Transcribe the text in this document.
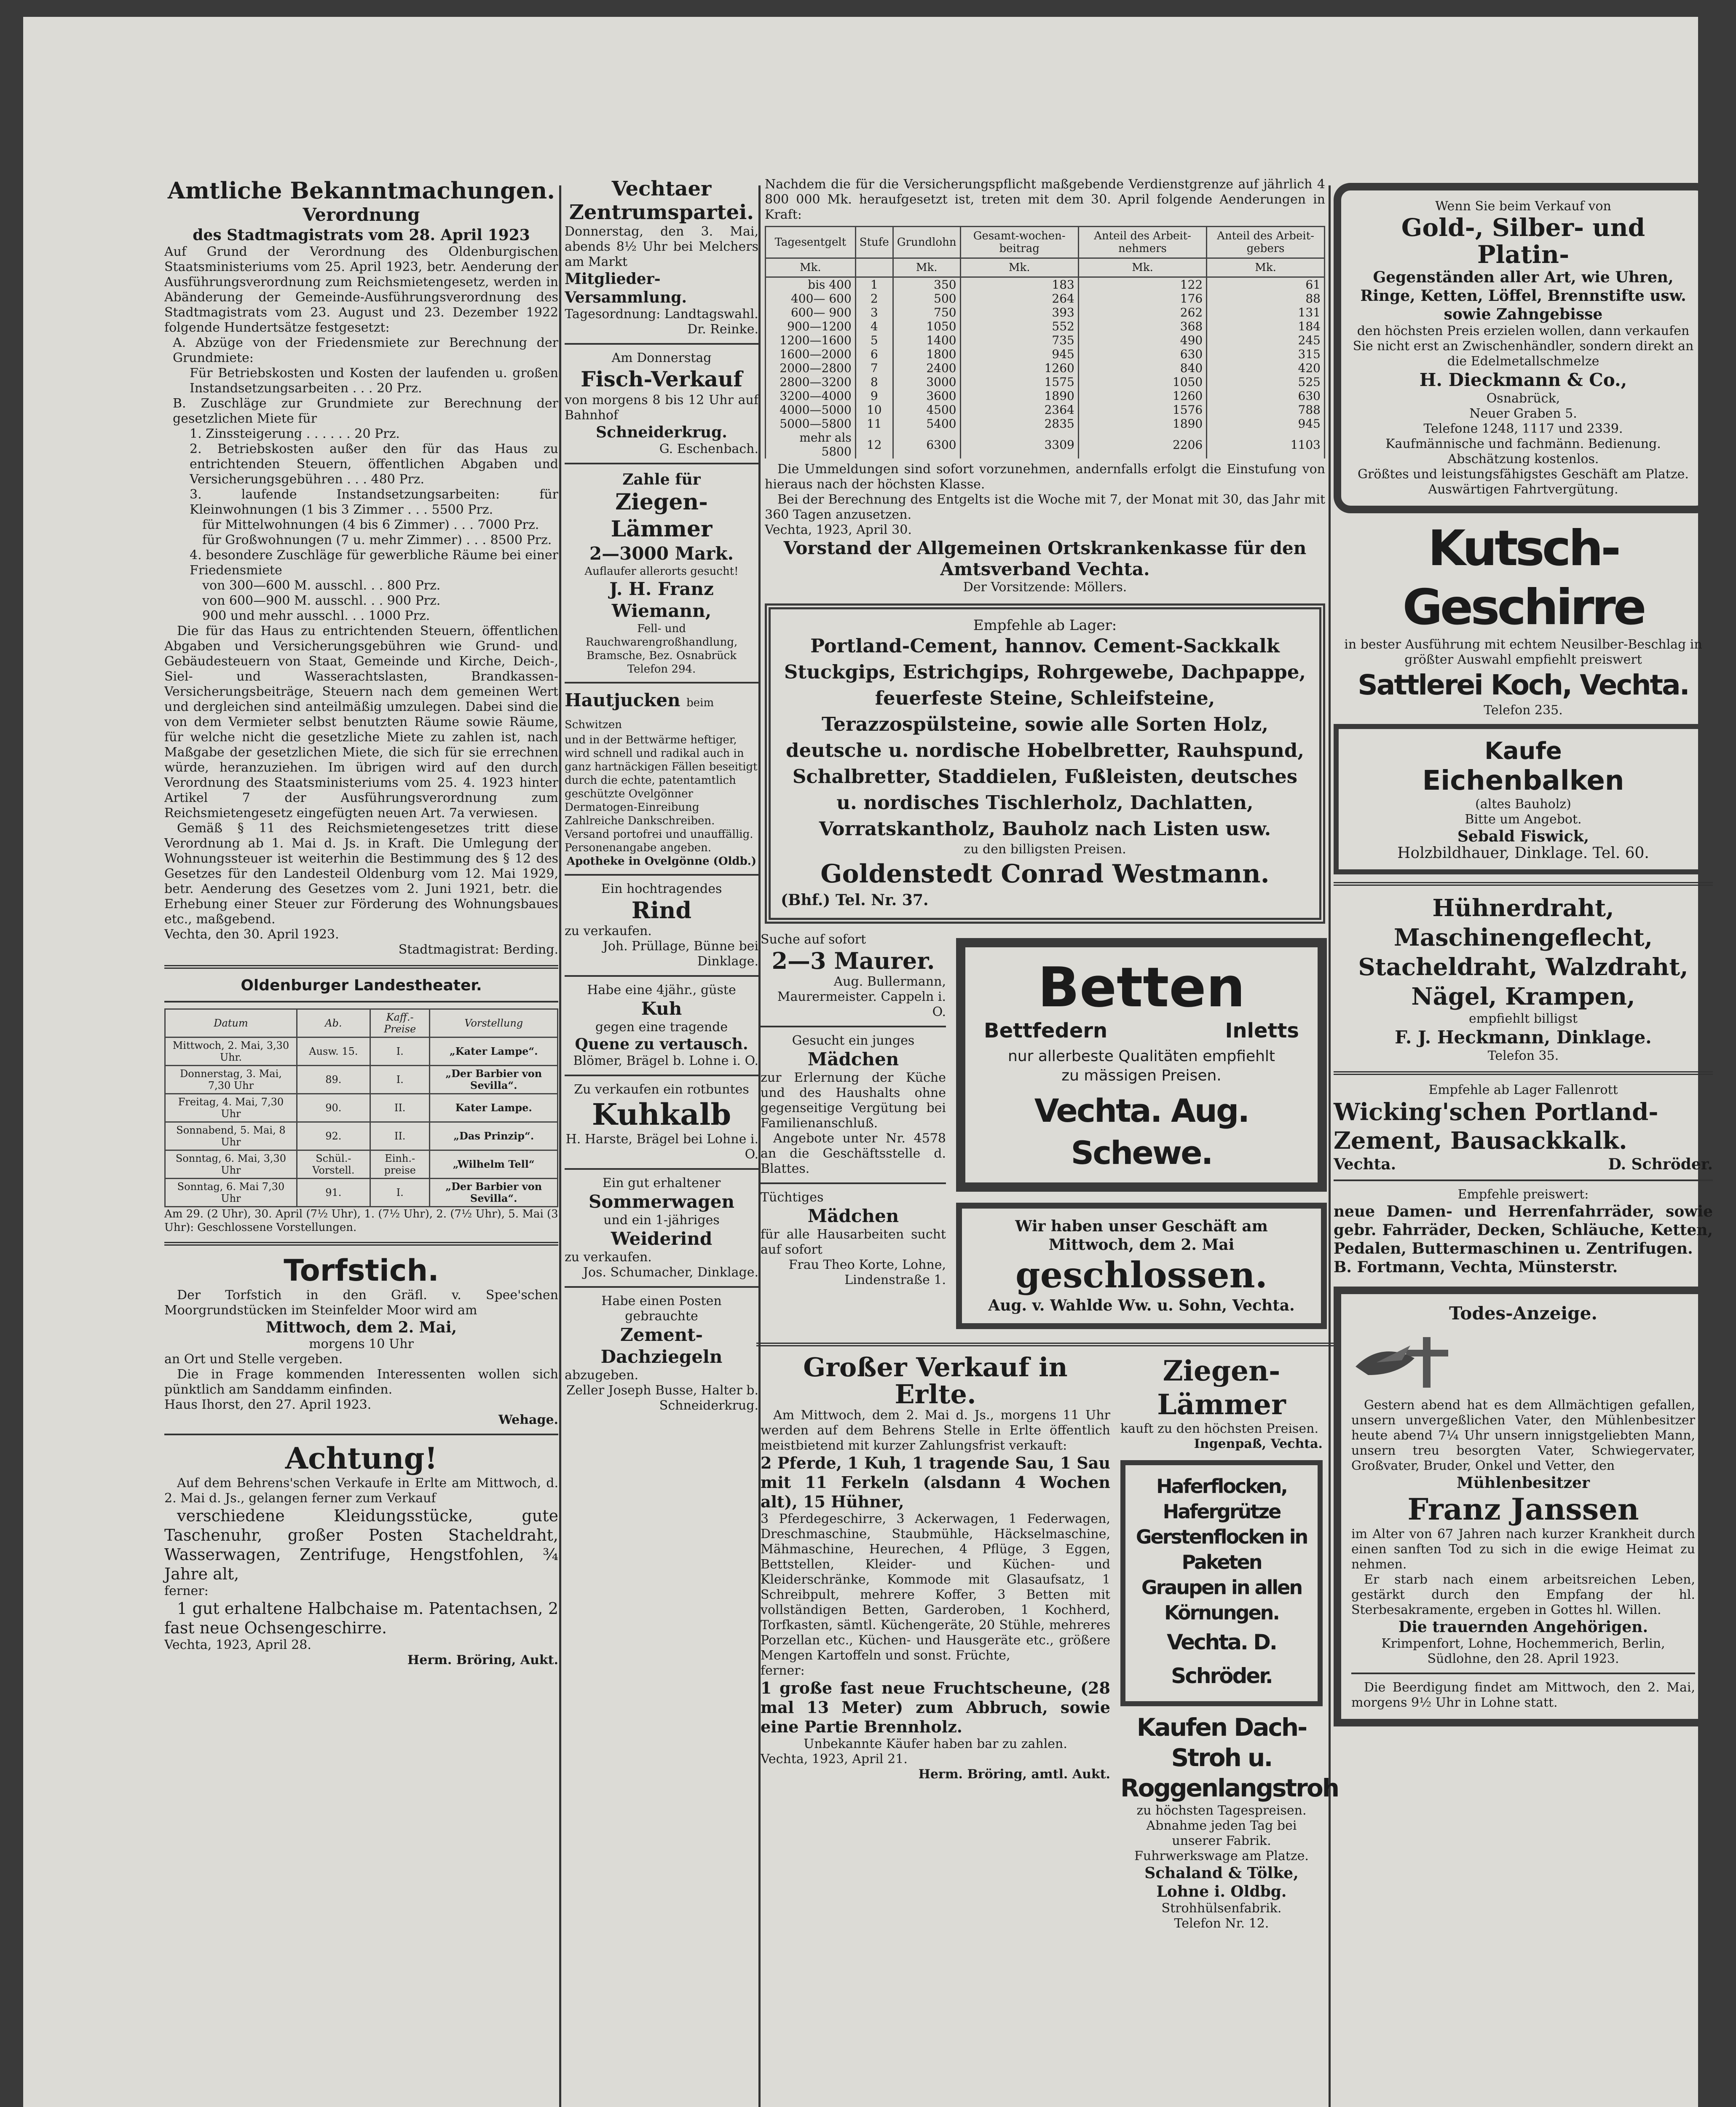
Amtliche Bekanntmachungen.

Verordnung

des Stadtmagistrats vom 28. April 1923

Auf Grund der Verordnung des Oldenburgischen Staatsministeriums vom 25. April 1923, betr. Aenderung der Ausführungsverordnung zum Reichsmietengesetz, werden in Abänderung der Gemeinde-Ausführungsverordnung des Stadtmagistrats vom 23. August und 23. Dezember 1922 folgende Hundertsätze festgesetzt:

A. Abzüge von der Friedensmiete zur Berechnung der Grundmiete:

Für Betriebskosten und Kosten der laufenden u. großen Instandsetzungsarbeiten . . . 20 Prz.

B. Zuschläge zur Grundmiete zur Berechnung der gesetzlichen Miete für

1. Zinssteigerung . . . . . . 20 Prz.

2. Betriebskosten außer den für das Haus zu entrichtenden Steuern, öffentlichen Abgaben und Versicherungsgebühren . . . 480 Prz.

3. laufende Instandsetzungsarbeiten: für Kleinwohnungen (1 bis 3 Zimmer . . . 5500 Prz.

für Mittelwohnungen (4 bis 6 Zimmer) . . . 7000 Prz.

für Großwohnungen (7 u. mehr Zimmer) . . . 8500 Prz.

4. besondere Zuschläge für gewerbliche Räume bei einer Friedensmiete

von 300—600 M. ausschl. . . 800 Prz.

von 600—900 M. ausschl. . . 900 Prz.

900 und mehr ausschl. . . 1000 Prz.

Die für das Haus zu entrichtenden Steuern, öffentlichen Abgaben und Versicherungsgebühren wie Grund- und Gebäudesteuern von Staat, Gemeinde und Kirche, Deich-, Siel- und Wasserachtslasten, Brandkassen-Versicherungsbeiträge, Steuern nach dem gemeinen Wert und dergleichen sind anteilmäßig umzulegen. Dabei sind die von dem Vermieter selbst benutzten Räume sowie Räume, für welche nicht die gesetzliche Miete zu zahlen ist, nach Maßgabe der gesetzlichen Miete, die sich für sie errechnen würde, heranzuziehen. Im übrigen wird auf den durch Verordnung des Staatsministeriums vom 25. 4. 1923 hinter Artikel 7 der Ausführungsverordnung zum Reichsmietengesetz eingefügten neuen Art. 7a verwiesen.

Gemäß § 11 des Reichsmietengesetzes tritt diese Verordnung ab 1. Mai d. Js. in Kraft. Die Umlegung der Wohnungssteuer ist weiterhin die Bestimmung des § 12 des Gesetzes für den Landesteil Oldenburg vom 12. Mai 1929, betr. Aenderung des Gesetzes vom 2. Juni 1921, betr. die Erhebung einer Steuer zur Förderung des Wohnungsbaues etc., maßgebend.

Vechta, den 30. April 1923.

Stadtmagistrat: Berding.

Oldenburger Landestheater.

Datum	Ab.	Kaff.-Preise	Vorstellung
Mittwoch, 2. Mai, 3,30 Uhr.	Ausw. 15.	I.	„Kater Lampe“.
Donnerstag, 3. Mai, 7,30 Uhr	89.	I.	„Der Barbier von Sevilla“.
Freitag, 4. Mai, 7,30 Uhr	90.	II.	Kater Lampe.
Sonnabend, 5. Mai, 8 Uhr	92.	II.	„Das Prinzip“.
Sonntag, 6. Mai, 3,30 Uhr	Schül.-Vorstell.	Einh.-preise	„Wilhelm Tell“
Sonntag, 6. Mai 7,30 Uhr	91.	I.	„Der Barbier von Sevilla“.

Am 29. (2 Uhr), 30. April (7½ Uhr), 1. (7½ Uhr), 2. (7½ Uhr), 5. Mai (3 Uhr): Geschlossene Vorstellungen.

Torfstich.

Der Torfstich in den Gräfl. v. Spee'schen Moorgrundstücken im Steinfelder Moor wird am

Mittwoch, dem 2. Mai,

morgens 10 Uhr

an Ort und Stelle vergeben.

Die in Frage kommenden Interessenten wollen sich pünktlich am Sanddamm einfinden.

Haus Ihorst, den 27. April 1923.

Wehage.

Achtung!

Auf dem Behrens'schen Verkaufe in Erlte am Mittwoch, d. 2. Mai d. Js., gelangen ferner zum Verkauf

verschiedene Kleidungsstücke, gute Taschenuhr, großer Posten Stacheldraht, Wasserwagen, Zentrifuge, Hengstfohlen, ¾ Jahre alt,

ferner:

1 gut erhaltene Halbchaise m. Patentachsen, 2 fast neue Ochsengeschirre.

Vechta, 1923, April 28.

Herm. Bröring, Aukt.

Vechtaer Zentrumspartei.

Donnerstag, den 3. Mai, abends 8½ Uhr bei Melchers am Markt

Mitglieder-Versammlung.

Tagesordnung: Landtagswahl.

Dr. Reinke.

Am Donnerstag

Fisch-Verkauf

von morgens 8 bis 12 Uhr auf Bahnhof

Schneiderkrug.

G. Eschenbach.

Zahle für

Ziegen-Lämmer

2—3000 Mark.

Auflaufer allerorts gesucht!

J. H. Franz Wiemann,

Fell- und Rauchwarengroßhandlung,

Bramsche, Bez. Osnabrück

Telefon 294.

Hautjucken beim Schwitzen

und in der Bettwärme heftiger, wird schnell und radikal auch in ganz hartnäckigen Fällen beseitigt durch die echte, patentamtlich geschützte Ovelgönner Dermatogen-Einreibung Zahlreiche Dankschreiben. Versand portofrei und unauffällig. Personenangabe angeben.

Apotheke in Ovelgönne (Oldb.)

Ein hochtragendes

Rind

zu verkaufen.

Joh. Prüllage, Bünne bei Dinklage.

Habe eine 4jähr., güste

Kuh

gegen eine tragende

Quene zu vertausch.

Blömer, Brägel b. Lohne i. O.

Zu verkaufen ein rotbuntes

Kuhkalb

H. Harste, Brägel bei Lohne i. O.

Ein gut erhaltener

Sommerwagen

und ein 1-jähriges

Weiderind

zu verkaufen.

Jos. Schumacher, Dinklage.

Habe einen Posten gebrauchte

Zement-Dachziegeln

abzugeben.

Zeller Joseph Busse, Halter b. Schneiderkrug.

Nachdem die für die Versicherungspflicht maßgebende Verdienstgrenze auf jährlich 4 800 000 Mk. heraufgesetzt ist, treten mit dem 30. April folgende Aenderungen in Kraft:

Tagesentgelt	Stufe	Grundlohn	Gesamt-wochen-beitrag	Anteil des Arbeit-nehmers	Anteil des Arbeit-gebers
Mk.		Mk.	Mk.	Mk.	Mk.
bis 400	1	350	183	122	61
400— 600	2	500	264	176	88
600— 900	3	750	393	262	131
900—1200	4	1050	552	368	184
1200—1600	5	1400	735	490	245
1600—2000	6	1800	945	630	315
2000—2800	7	2400	1260	840	420
2800—3200	8	3000	1575	1050	525
3200—4000	9	3600	1890	1260	630
4000—5000	10	4500	2364	1576	788
5000—5800	11	5400	2835	1890	945
mehr als 5800	12	6300	3309	2206	1103

Die Ummeldungen sind sofort vorzunehmen, andernfalls erfolgt die Einstufung von hieraus nach der höchsten Klasse.

Bei der Berechnung des Entgelts ist die Woche mit 7, der Monat mit 30, das Jahr mit 360 Tagen anzusetzen.

Vechta, 1923, April 30.

Vorstand der Allgemeinen Ortskrankenkasse für den Amtsverband Vechta.

Der Vorsitzende: Möllers.

Empfehle ab Lager:

Portland-Cement, hannov. Cement-Sackkalk Stuckgips, Estrichgips, Rohrgewebe, Dachpappe, feuerfeste Steine, Schleifsteine, Terazzospülsteine, sowie alle Sorten Holz, deutsche u. nordische Hobelbretter, Rauhspund, Schalbretter, Staddielen, Fußleisten, deutsches u. nordisches Tischlerholz, Dachlatten, Vorratskantholz, Bauholz nach Listen usw.

zu den billigsten Preisen.

Goldenstedt Conrad Westmann.

(Bhf.) Tel. Nr. 37.

Suche auf sofort

2—3 Maurer.

Aug. Bullermann, Maurermeister. Cappeln i. O.

Gesucht ein junges

Mädchen

zur Erlernung der Küche und des Haushalts ohne gegenseitige Vergütung bei Familienanschluß.

Angebote unter Nr. 4578 an die Geschäftsstelle d. Blattes.

Tüchtiges

Mädchen

für alle Hausarbeiten sucht auf sofort

Frau Theo Korte, Lohne, Lindenstraße 1.

Betten

Bettfedern	Inletts

nur allerbeste Qualitäten empfiehlt zu mässigen Preisen.

Vechta. Aug. Schewe.

Wir haben unser Geschäft am Mittwoch, dem 2. Mai

geschlossen.

Aug. v. Wahlde Ww. u. Sohn, Vechta.

Großer Verkauf in Erlte.

Am Mittwoch, dem 2. Mai d. Js., morgens 11 Uhr werden auf dem Behrens Stelle in Erlte öffentlich meistbietend mit kurzer Zahlungsfrist verkauft:

2 Pferde, 1 Kuh, 1 tragende Sau, 1 Sau mit 11 Ferkeln (alsdann 4 Wochen alt), 15 Hühner,

3 Pferdegeschirre, 3 Ackerwagen, 1 Federwagen, Dreschmaschine, Staubmühle, Häckselmaschine, Mähmaschine, Heurechen, 4 Pflüge, 3 Eggen, Bettstellen, Kleider- und Küchen- und Kleiderschränke, Kommode mit Glasaufsatz, 1 Schreibpult, mehrere Koffer, 3 Betten mit vollständigen Betten, Garderoben, 1 Kochherd, Torfkasten, sämtl. Küchengeräte, 20 Stühle, mehreres Porzellan etc., Küchen- und Hausgeräte etc., größere Mengen Kartoffeln und sonst. Früchte,

ferner:

1 große fast neue Fruchtscheune, (28 mal 13 Meter) zum Abbruch, sowie eine Partie Brennholz.

Unbekannte Käufer haben bar zu zahlen.

Vechta, 1923, April 21.

Herm. Bröring, amtl. Aukt.

Ziegen-Lämmer

kauft zu den höchsten Preisen.

Ingenpaß, Vechta.

Haferflocken, Hafergrütze

Gerstenflocken in Paketen

Graupen in allen Körnungen.

Vechta. D. Schröder.

Kaufen Dach-Stroh u. Roggenlangstroh

zu höchsten Tagespreisen. Abnahme jeden Tag bei unserer Fabrik. Fuhrwerkswage am Platze.

Schaland & Tölke, Lohne i. Oldbg.

Strohhülsenfabrik.

Telefon Nr. 12.

Wenn Sie beim Verkauf von

Gold-, Silber- und Platin-

Gegenständen aller Art, wie Uhren, Ringe, Ketten, Löffel, Brennstifte usw. sowie Zahngebisse

den höchsten Preis erzielen wollen, dann verkaufen Sie nicht erst an Zwischenhändler, sondern direkt an die Edelmetallschmelze

H. Dieckmann & Co.,

Osnabrück,

Neuer Graben 5.

Telefone 1248, 1117 und 2339.

Kaufmännische und fachmänn. Bedienung. Abschätzung kostenlos.

Größtes und leistungsfähigstes Geschäft am Platze.

Auswärtigen Fahrtvergütung.

Kutsch-Geschirre

in bester Ausführung mit echtem Neusilber-Beschlag in größter Auswahl empfiehlt preiswert

Sattlerei Koch, Vechta.

Telefon 235.

Kaufe

Eichenbalken

(altes Bauholz)

Bitte um Angebot.

Sebald Fiswick,

Holzbildhauer, Dinklage. Tel. 60.

Hühnerdraht, Maschinengeflecht, Stacheldraht, Walzdraht, Nägel, Krampen,

empfiehlt billigst

F. J. Heckmann, Dinklage.

Telefon 35.

Empfehle ab Lager Fallenrott

Wicking'schen Portland-Zement, Bausackkalk.

Vechta.	D. Schröder.

Empfehle preiswert:

neue Damen- und Herrenfahrräder, sowie gebr. Fahrräder, Decken, Schläuche, Ketten, Pedalen, Buttermaschinen u. Zentrifugen.

B. Fortmann, Vechta, Münsterstr.

Todes-Anzeige.

Gestern abend hat es dem Allmächtigen gefallen, unsern unvergeßlichen Vater, den Mühlenbesitzer heute abend 7¼ Uhr unsern innigstgeliebten Mann, unsern treu besorgten Vater, Schwiegervater, Großvater, Bruder, Onkel und Vetter, den

Mühlenbesitzer

Franz Janssen

im Alter von 67 Jahren nach kurzer Krankheit durch einen sanften Tod zu sich in die ewige Heimat zu nehmen.

Er starb nach einem arbeitsreichen Leben, gestärkt durch den Empfang der hl. Sterbesakramente, ergeben in Gottes hl. Willen.

Die trauernden Angehörigen.

Krimpenfort, Lohne, Hochemmerich, Berlin, Südlohne, den 28. April 1923.

Die Beerdigung findet am Mittwoch, den 2. Mai, morgens 9½ Uhr in Lohne statt.
